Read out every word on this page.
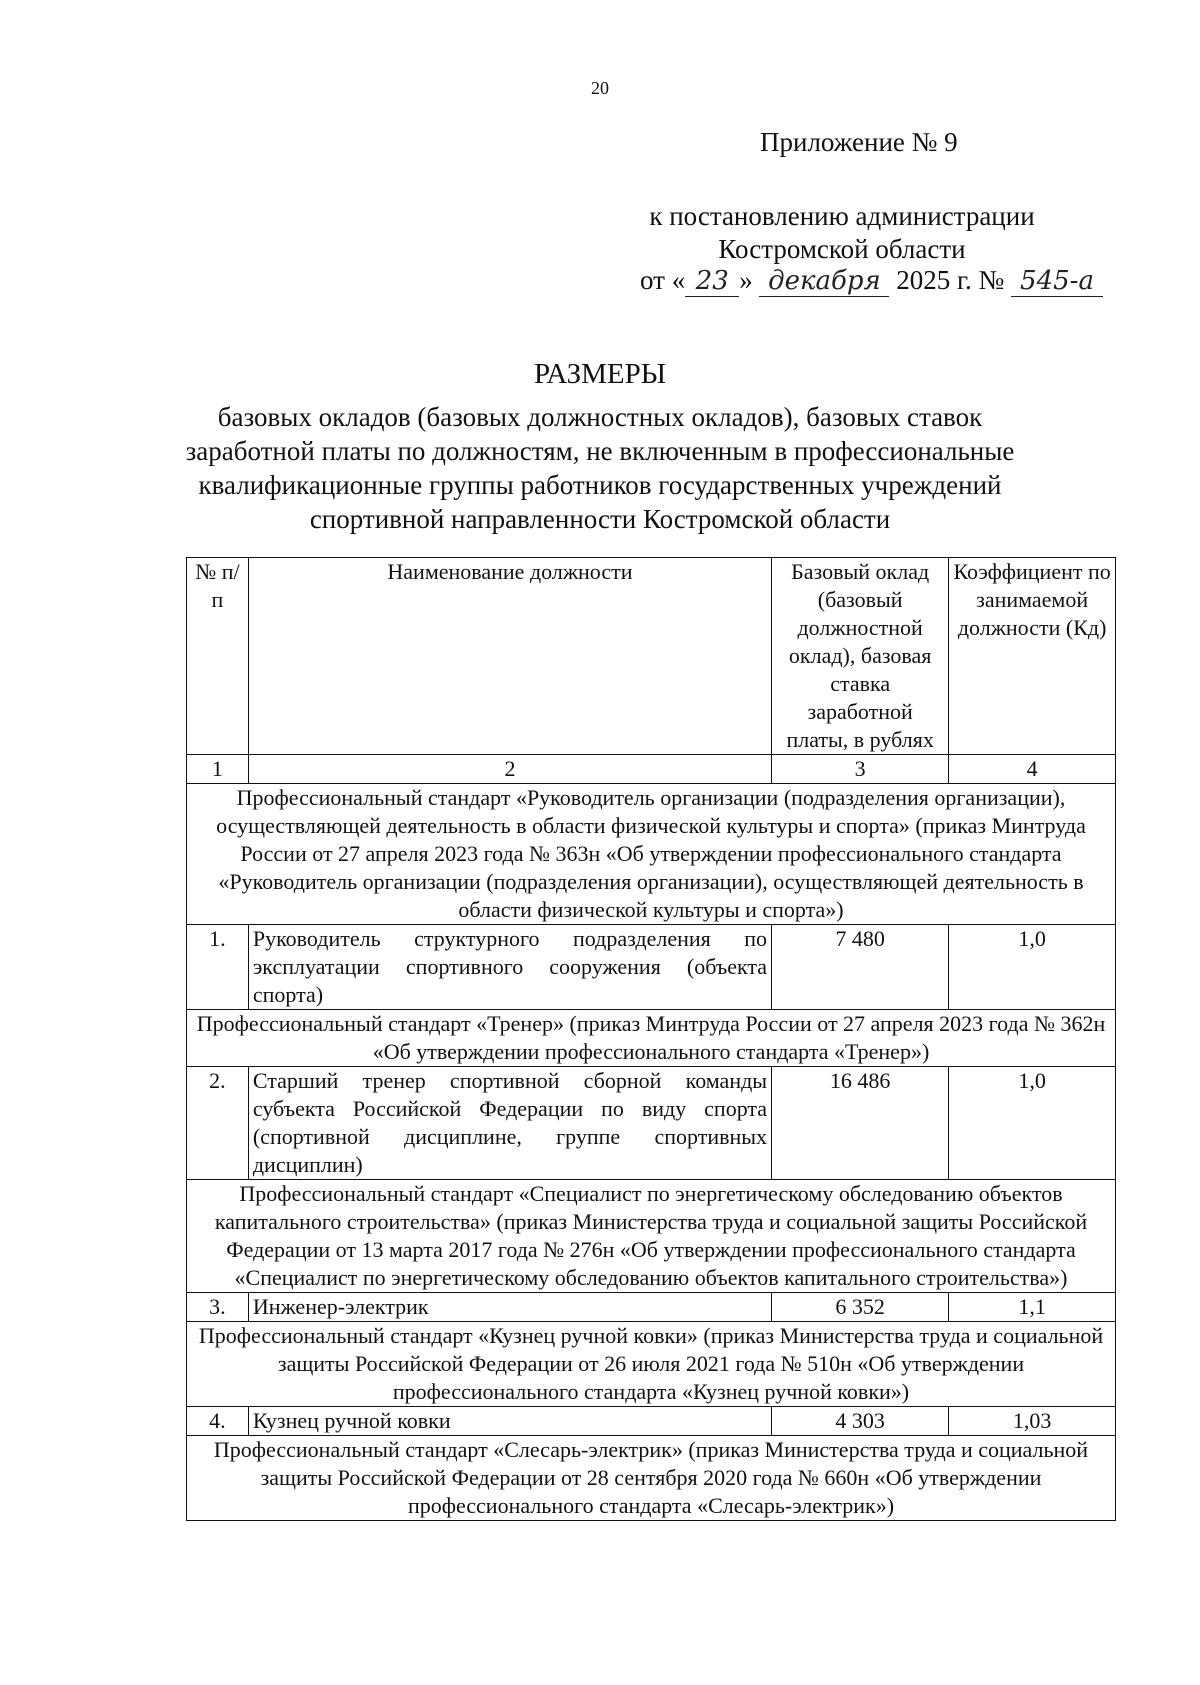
20
Приложение № 9
к постановлению администрации
Костромской области
от « 23 » декабря 2025 г. № 545-а
РАЗМЕРЫ
базовых окладов (базовых должностных окладов), базовых ставок заработной платы по должностям, не включенным в профессиональные квалификационные группы работников государственных учреждений спортивной направленности Костромской области
№ п/п	Наименование должности	Базовый оклад (базовый должностной оклад), базовая ставка заработной платы, в рублях	Коэффициент по занимаемой должности (Кд)
1	2	3	4
Профессиональный стандарт «Руководитель организации (подразделения организации), осуществляющей деятельность в области физической культуры и спорта» (приказ Минтруда России от 27 апреля 2023 года № 363н «Об утверждении профессионального стандарта «Руководитель организации (подразделения организации), осуществляющей деятельность в области физической культуры и спорта»)			
1.	Руководитель структурного подразделения по эксплуатации спортивного сооружения (объекта спорта)	7 480	1,0
Профессиональный стандарт «Тренер» (приказ Минтруда России от 27 апреля 2023 года № 362н «Об утверждении профессионального стандарта «Тренер»)			
2.	Старший тренер спортивной сборной команды субъекта Российской Федерации по виду спорта (спортивной дисциплине, группе спортивных дисциплин)	16 486	1,0
Профессиональный стандарт «Специалист по энергетическому обследованию объектов капитального строительства» (приказ Министерства труда и социальной защиты Российской Федерации от 13 марта 2017 года № 276н «Об утверждении профессионального стандарта «Специалист по энергетическому обследованию объектов капитального строительства»)			
3.	Инженер-электрик	6 352	1,1
Профессиональный стандарт «Кузнец ручной ковки» (приказ Министерства труда и социальной защиты Российской Федерации от 26 июля 2021 года № 510н «Об утверждении профессионального стандарта «Кузнец ручной ковки»)			
4.	Кузнец ручной ковки	4 303	1,03
Профессиональный стандарт «Слесарь-электрик» (приказ Министерства труда и социальной защиты Российской Федерации от 28 сентября 2020 года № 660н «Об утверждении профессионального стандарта «Слесарь-электрик»)			
